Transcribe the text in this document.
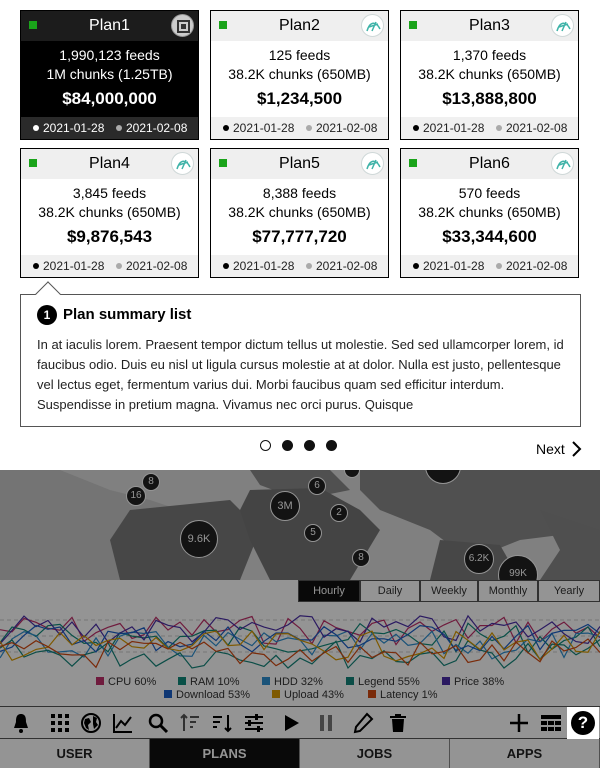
Plan1
1,990,123 feeds
1M chunks (1.25TB)
$84,000,000
2021-01-28	2021-02-08
Plan2
125 feeds
38.2K chunks (650MB)
$1,234,500
2021-01-28	2021-02-08
Plan3
1,370 feeds
38.2K chunks (650MB)
$13,888,800
2021-01-28	2021-02-08
Plan4
3,845 feeds
38.2K chunks (650MB)
$9,876,543
2021-01-28	2021-02-08
Plan5
8,388 feeds
38.2K chunks (650MB)
$77,777,720
2021-01-28	2021-02-08
Plan6
570 feeds
38.2K chunks (650MB)
$33,344,600
2021-01-28	2021-02-08
1 Plan summary list
In at iaculis lorem. Praesent tempor dictum tellus ut molestie. Sed sed ullamcorper lorem, id faucibus odio. Duis eu nisl ut ligula cursus molestie at at dolor. Nulla est justo, pellentesque vel lectus eget, fermentum varius dui. Morbi faucibus quam sed efficitur interdum. Suspendisse in pretium magna. Vivamus nec orci purus. Quisque
Next
8
16
3M
6
2
9.6K
5
8	6.2K
99K
Hourly	Daily	Weekly	Monthly	Yearly
CPU 60%	RAM 10%	HDD 32%	Legend 55%	Price 38%
Download 53%	Upload 43%	Latency 1%
USER	PLANS	JOBS	APPS
?
